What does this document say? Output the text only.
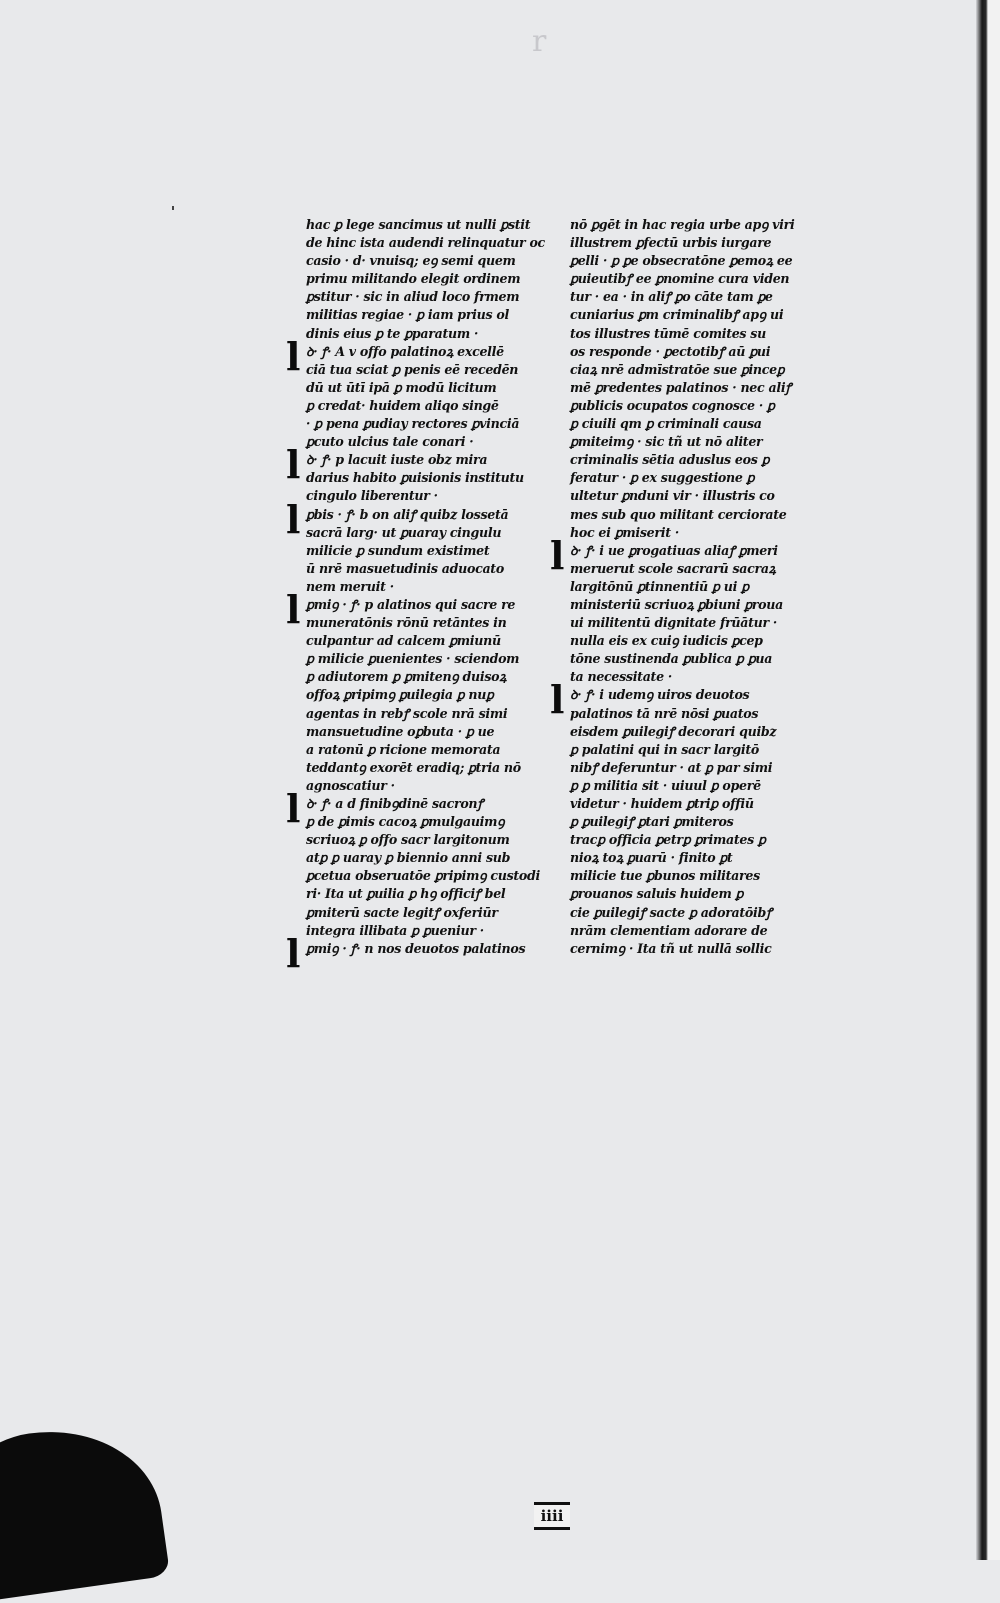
r
hac ꝑ lege sancimus ut nulli ꝑstit
de hinc ista audendi relinquatur oc
casio · d· vnuisq; eꝯ semi quem
primu militando elegit ordinem
ꝑstitur · sic in aliud loco frmem
militias regiae · ꝑ iam prius ol
dinis eius ꝑ te ꝑparatum ·
ꝺ· ꝭ· A v offo palatinoꝝ excellē
l ciā tua sciat ꝑ penis eē recedēn
dū ut ūtī ipā ꝑ modū licitum
ꝑ credat· huidem aliqo singē
· ꝑ pena ꝑudiay rectores ꝑvinciā
ꝑcuto ulcius tale conari ·
ꝺ· ꝭ· p lacuit iuste obz mira
l darius habito ꝑuisionis institutu
cingulo liberentur ·
ꝑbis · ꝭ· b on aliꝭ quibz lossetā
l sacrā larg· ut ꝑuaray cingulu
milicie ꝑ sundum existimet
ū nrē masuetudinis aduocato
nem meruit ·
ꝑmiꝯ · ꝭ· p alatinos qui sacre re
l muneratōnis rōnū retāntes in
culpantur ad calcem ꝑmiunū
ꝑ milicie ꝑuenientes · sciendom
ꝑ adiutorem ꝑ ꝑmitenꝯ duisoꝝ
offoꝝ ꝑripimꝯ ꝑuilegia ꝑ nuꝑ
agentas in rebꝭ scole nrā simi
mansuetudine oꝑbuta · ꝑ ue
a ratonū ꝑ ricione memorata
teddantꝯ exorēt eradiq; ꝑtria nō
agnoscatiur ·
ꝺ· ꝭ· a d finibꝯdinē sacronꝭ
l ꝑ de ꝑimis cacoꝝ ꝑmulgauimꝯ
scriuoꝝ ꝑ offo sacr largitonum
atꝑ ꝑ uaray ꝑ biennio anni sub
ꝑcetua obseruatōe ꝑripimꝯ custodi
ri· Ita ut ꝑuilia ꝑ hꝯ officiꝭ bel
ꝑmiterū sacte legitꝭ oxferiūr
integra illibata ꝑ ꝑueniur ·
ꝑmiꝯ · ꝭ· n nos deuotos palatinos
l
nō ꝑgēt in hac regia urbe apꝯ viri
illustrem ꝑfectū urbis iurgare
ꝑelli · ꝑ ꝑe obsecratōne ꝑemoꝝ ee
ꝑuieutibꝭ ee ꝑnomine cura viden
tur · ea · in aliꝭ ꝑo cāte tam ꝑe
cuniarius ꝑm criminalibꝭ apꝯ ui
tos illustres tūmē comites su
os responde · ꝑectotibꝭ aū ꝑui
ciaꝝ nrē admīstratōe sue ꝑinceꝑ
mē ꝑredentes palatinos · nec aliꝭ
ꝑublicis ocupatos cognosce · ꝑ
ꝑ ciuili qm ꝑ criminali causa
ꝑmiteimꝯ · sic tñ ut nō aliter
criminalis sētia aduslus eos ꝑ
feratur · ꝑ ex suggestione ꝑ
ultetur ꝑnduni vir · illustris co
mes sub quo militant cerciorate
hoc ei ꝑmiserit ·
ꝺ· ꝭ· i ue ꝑrogatiuas aliaꝭ ꝑmeri
l meruerut scole sacrarū sacraꝝ
largitōnū ꝑtinnentiū ꝑ ui ꝑ
ministeriū scriuoꝝ ꝑbiuni ꝑroua
ui militentū dignitate frūātur ·
nulla eis ex cuiꝯ iudicis ꝑcep
tōne sustinenda ꝑublica ꝑ ꝑua
ta necessitate ·
ꝺ· ꝭ· i udemꝯ uiros deuotos
l palatinos tā nrē nōsi ꝑuatos
eisdem ꝑuilegiꝭ decorari quibz
ꝑ palatini qui in sacr largitō
nibꝭ deferuntur · at ꝑ par simi
ꝑ ꝑ militia sit · uiuul ꝑ operē
videtur · huidem ꝑtriꝑ offiū
ꝑ ꝑuilegiꝭ ꝑtari ꝑmiteros
tracꝑ officia ꝑetrꝑ ꝑrimates ꝑ
nioꝝ toꝝ ꝑuarū · finito ꝑt
milicie tue ꝑbunos militares
ꝑrouanos saluis huidem ꝑ
cie ꝑuilegiꝭ sacte ꝑ adoratōibꝭ
nrām clementiam adorare de
cernimꝯ · Ita tñ ut nullā sollic
iiii
